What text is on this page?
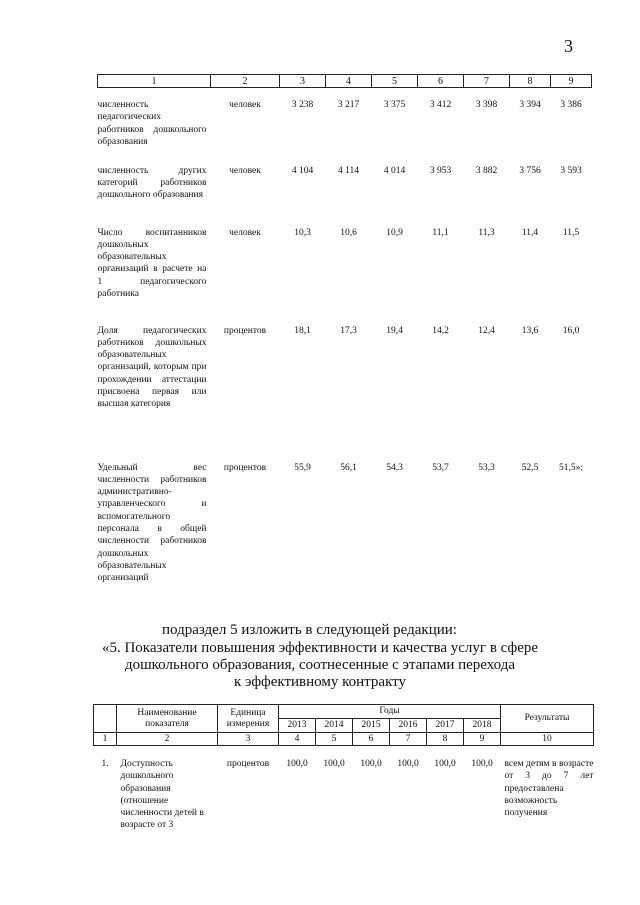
3
1	2	3	4	5	6	7	8	9
численность педагогических работников дошкольного образования	человек	3 238	3 217	3 375	3 412	3 398	3 394	3 386
численность других категорий работников дошкольного образования	человек	4 104	4 114	4 014	3 953	3 882	3 756	3 593
Число воспитанников дошкольных образовательных организаций в расчете на 1 педагогического работника	человек	10,3	10,6	10,9	11,1	11,3	11,4	11,5
Доля педагогических работников дошкольных образовательных организаций, которым при прохождении аттестации присвоена первая или высшая категория	процентов	18,1	17,3	19,4	14,2	12,4	13,6	16,0
Удельный вес численности работников административно-управленческого и вспомогательного персонала в общей численности работников дошкольных образовательных организаций	процентов	55,9	56,1	54,3	53,7	53,3	52,5	51,5»;
подраздел 5 изложить в следующей редакции:
«5. Показатели повышения эффективности и качества услуг в сфере
дошкольного образования, соотнесенные с этапами перехода
к эффективному контракту
	Наименование показателя	Единица измерения	Годы						Результаты
			2013	2014	2015	2016	2017	2018	
1	2	3	4	5	6	7	8	9	10
1.	Доступность дошкольного образования (отношение численности детей в возрасте от 3	процентов	100,0	100,0	100,0	100,0	100,0	100,0	всем детям в возрасте от 3 до 7 лет предоставлена возможность получения
